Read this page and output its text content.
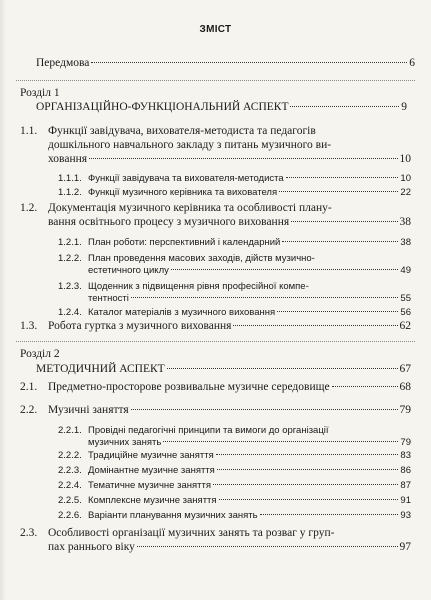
ЗМІСТ
Передмова	6
Розділ 1
ОРГАНІЗАЦІЙНО-ФУНКЦІОНАЛЬНИЙ АСПЕКТ	9
1.1. Функції завідувача, вихователя-методиста та педагогів
дошкільного навчального закладу з питань музичного ви-
ховання	10
1.1.1. Функції завідувача та вихователя-методиста	10
1.1.2. Функції музичного керівника та вихователя	22
1.2. Документація музичного керівника та особливості плану-
вання освітнього процесу з музичного виховання	38
1.2.1. План роботи: перспективний і календарний	38
1.2.2. План проведення масових заходів, дійств музично-
естетичного циклу	49
1.2.3. Щоденник з підвищення рівня професійної компе-
тентності	55
1.2.4. Каталог матеріалів з музичного виховання	56
1.3. Робота гуртка з музичного виховання	62
Розділ 2
МЕТОДИЧНИЙ АСПЕКТ	67
2.1. Предметно-просторове розвивальне музичне середовище	68
2.2. Музичні заняття	79
2.2.1. Провідні педагогічні принципи та вимоги до організації
музичних занять	79
2.2.2. Традиційне музичне заняття	83
2.2.3. Домінантне музичне заняття	86
2.2.4. Тематичне музичне заняття	87
2.2.5. Комплексне музичне заняття	91
2.2.6. Варіанти планування музичних занять	93
2.3. Особливості організації музичних занять та розваг у груп-
пах раннього віку	97
